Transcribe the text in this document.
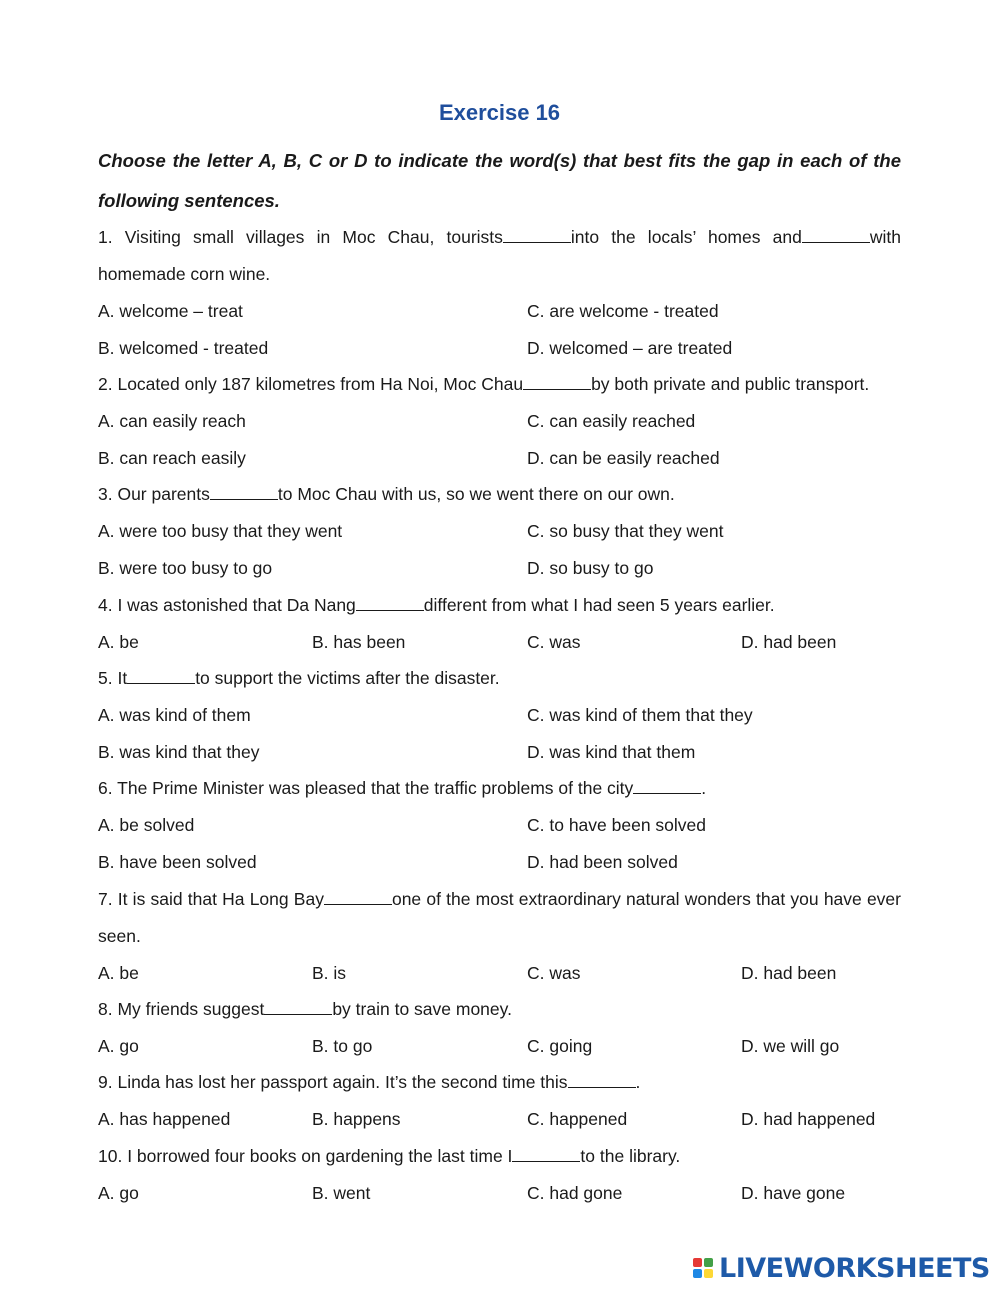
Exercise 16
Choose the letter A, B, C or D to indicate the word(s) that best fits the gap in each of the following sentences.
1. Visiting small villages in Moc Chau, tourists	into the locals’ homes and	with homemade corn wine.
A. welcome – treat	C. are welcome - treated
B. welcomed - treated	D. welcomed – are treated
2. Located only 187 kilometres from Ha Noi, Moc Chau	by both private and public transport.
A. can easily reach	C. can easily reached
B. can reach easily	D. can be easily reached
3. Our parents	to Moc Chau with us, so we went there on our own.
A. were too busy that they went	C. so busy that they went
B. were too busy to go	D. so busy to go
4. I was astonished that Da Nang	different from what I had seen 5 years earlier.
A. be	B. has been	C. was	D. had been
5. It	to support the victims after the disaster.
A. was kind of them	C. was kind of them that they
B. was kind that they	D. was kind that them
6. The Prime Minister was pleased that the traffic problems of the city	.
A. be solved	C. to have been solved
B. have been solved	D. had been solved
7. It is said that Ha Long Bay	one of the most extraordinary natural wonders that you have ever seen.
A. be	B. is	C. was	D. had been
8. My friends suggest	by train to save money.
A. go	B. to go	C. going	D. we will go
9. Linda has lost her passport again. It’s the second time this	.
A. has happened	B. happens	C. happened	D. had happened
10. I borrowed four books on gardening the last time I	to the library.
A. go	B. went	C. had gone	D. have gone
LIVEWORKSHEETS
